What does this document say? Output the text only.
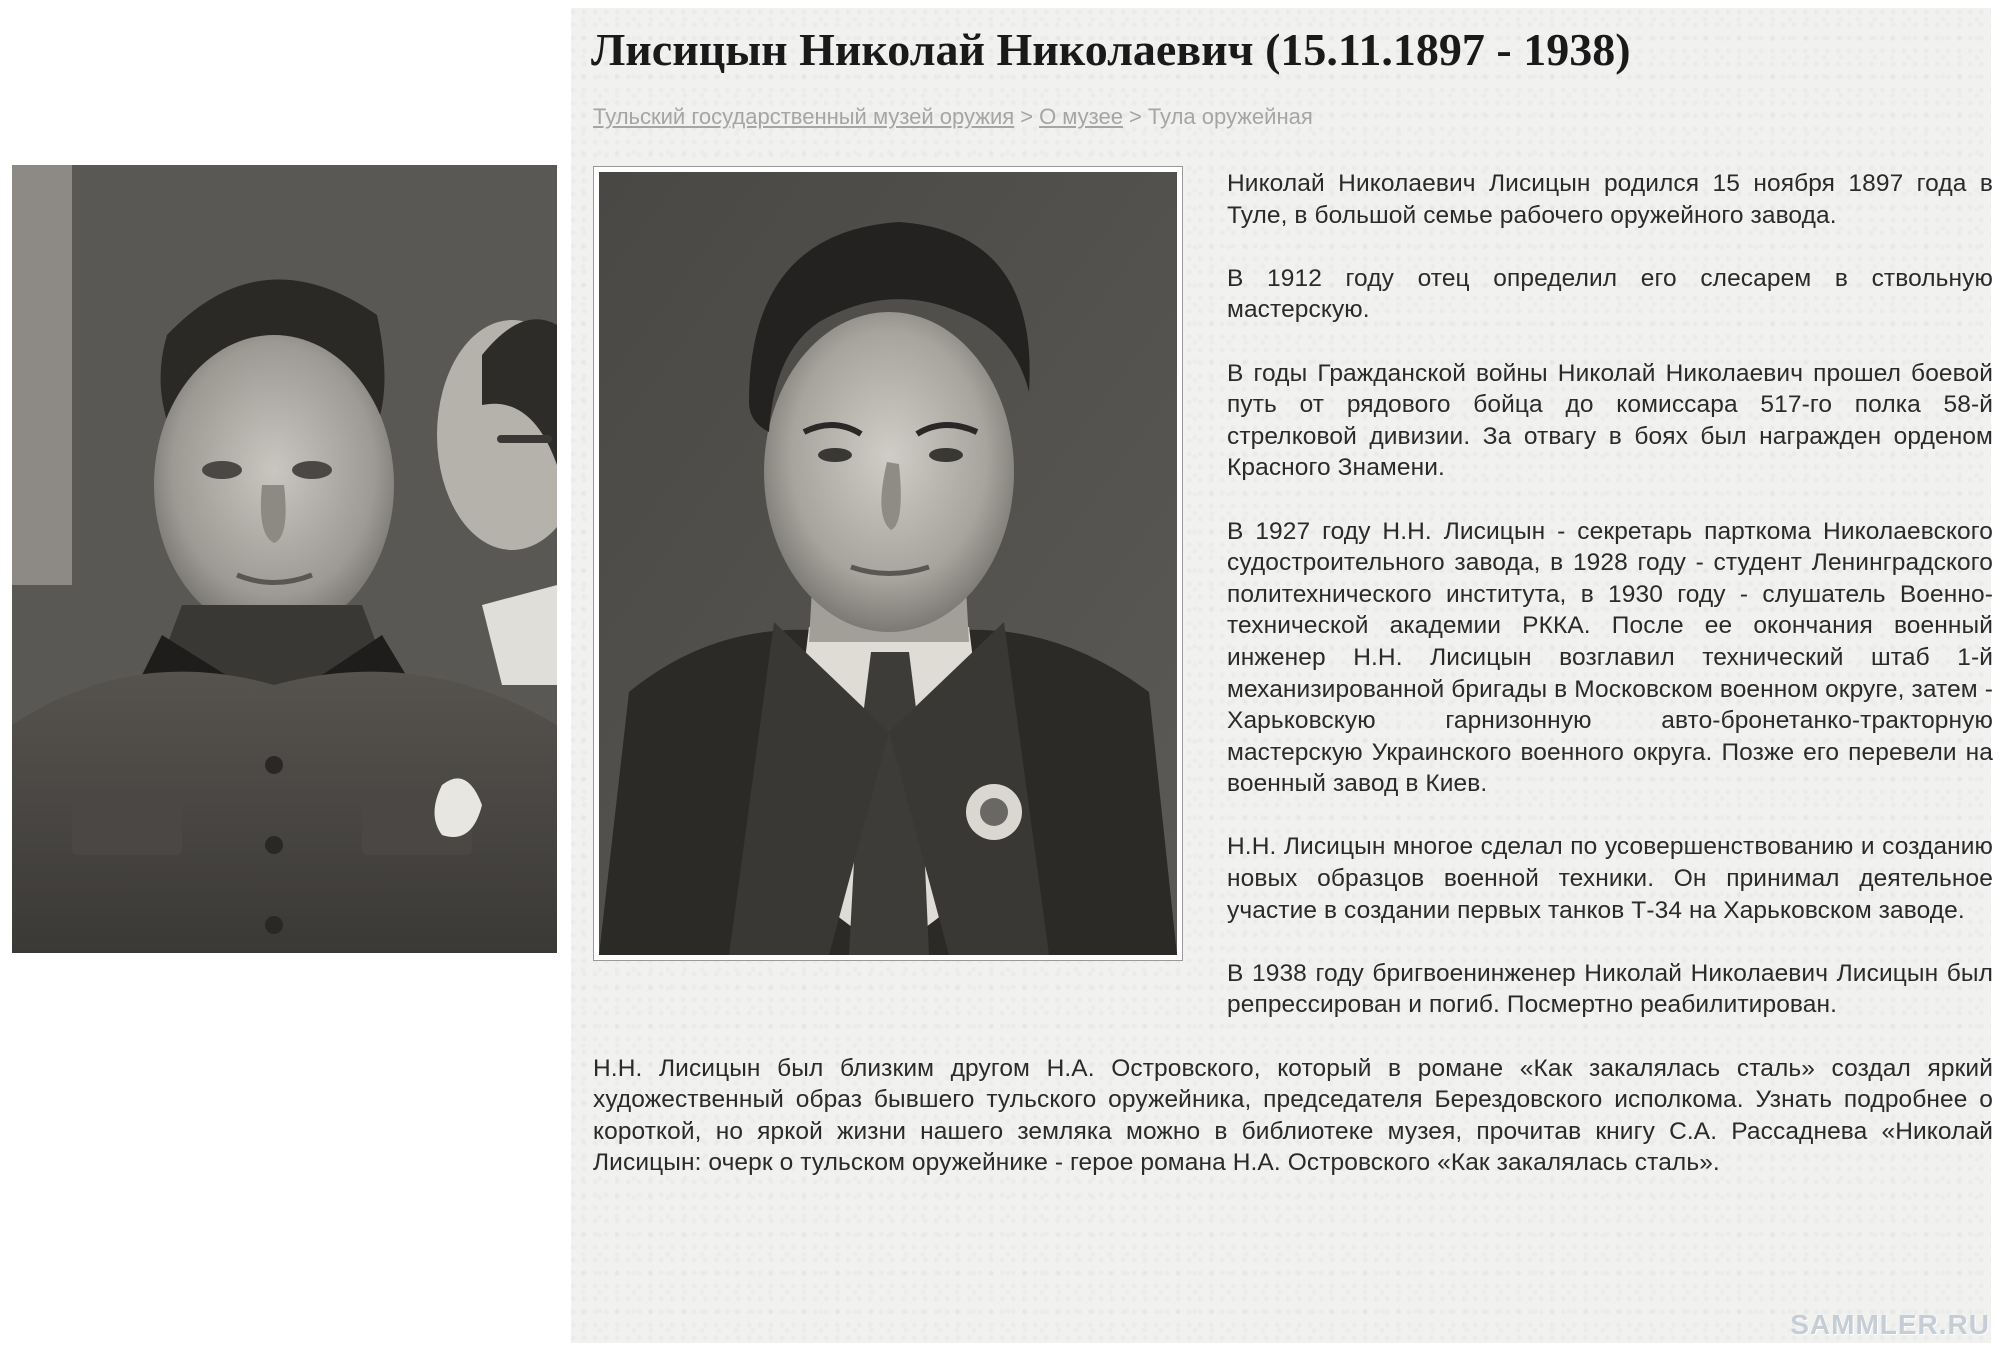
Лисицын Николай Николаевич (15.11.1897 - 1938)
Тульский государственный музей оружия > О музее > Тула оружейная

Николай Николаевич Лисицын родился 15 ноября 1897 года в Туле, в большой семье рабочего оружейного завода.

В 1912 году отец определил его слесарем в ствольную мастерскую.

В годы Гражданской войны Николай Николаевич прошел боевой путь от рядового бойца до комиссара 517-го полка 58-й стрелковой дивизии. За отвагу в боях был награжден орденом Красного Знамени.

В 1927 году Н.Н. Лисицын - секретарь парткома Николаевского судостроительного завода, в 1928 году - студент Ленинградского политехнического института, в 1930 году - слушатель Военно-технической академии РККА. После ее окончания военный инженер Н.Н. Лисицын возглавил технический штаб 1-й механизированной бригады в Московском военном округе, затем - Харьковскую гарнизонную авто-бронетанко-тракторную мастерскую Украинского военного округа. Позже его перевели на военный завод в Киев.

Н.Н. Лисицын многое сделал по усовершенствованию и созданию новых образцов военной техники. Он принимал деятельное участие в создании первых танков Т-34 на Харьковском заводе.

В 1938 году бригвоенинженер Николай Николаевич Лисицын был репрессирован и погиб. Посмертно реабилитирован.

Н.Н. Лисицын был близким другом Н.А. Островского, который в романе «Как закалялась сталь» создал яркий художественный образ бывшего тульского оружейника, председателя Берездовского исполкома. Узнать подробнее о короткой, но яркой жизни нашего земляка можно в библиотеке музея, прочитав книгу С.А. Рассаднева «Николай Лисицын: очерк о тульском оружейнике - герое романа Н.А. Островского «Как закалялась сталь».

SAMMLER.RU
